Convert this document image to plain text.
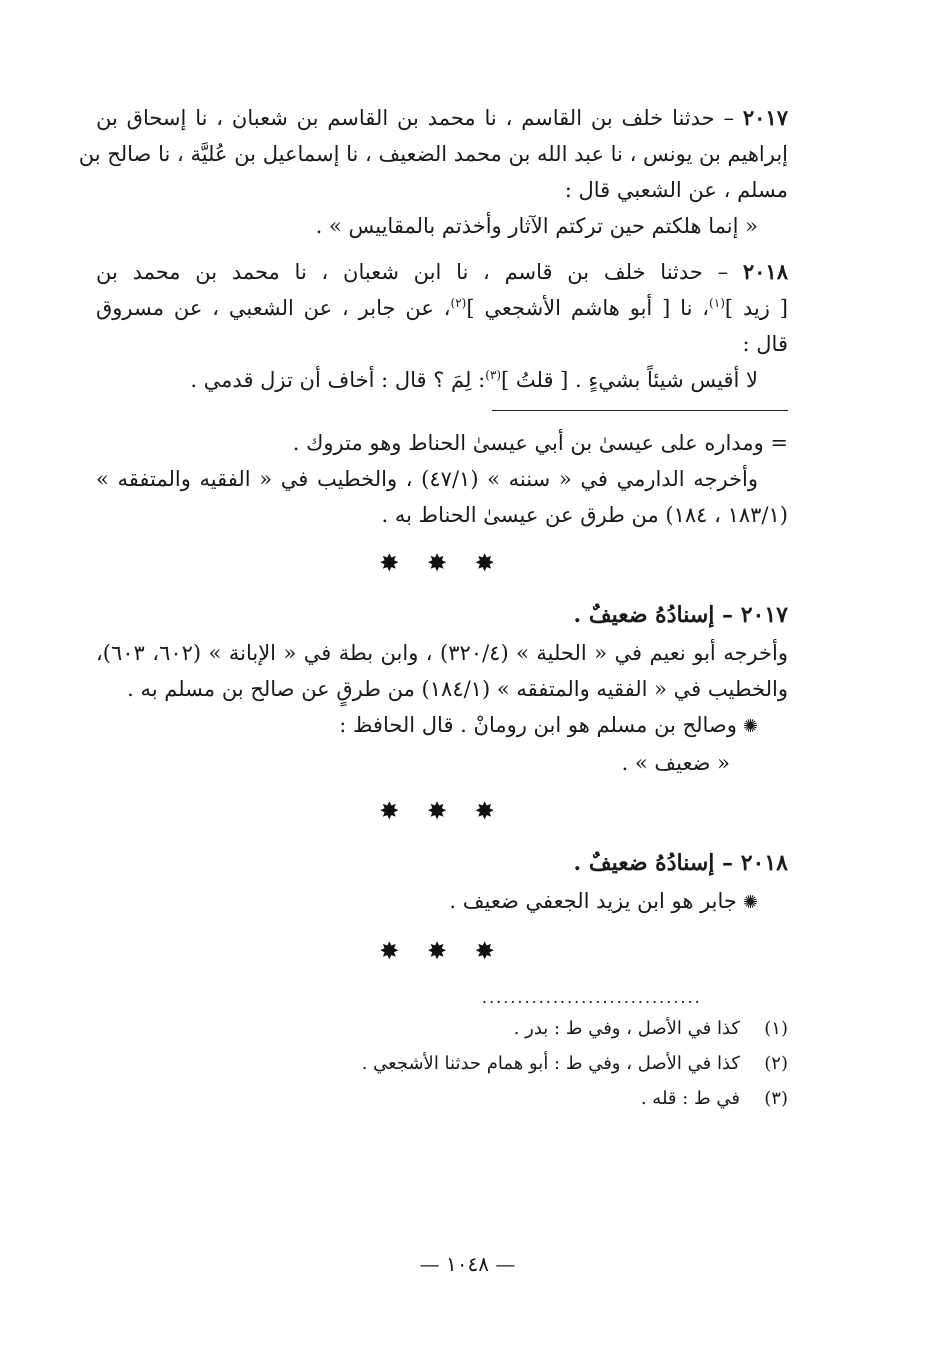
٢٠١٧ – حدثنا خلف بن القاسم ، نا محمد بن القاسم بن شعبان ، نا إسحاق بن
إبراهيم بن يونس ، نا عبد الله بن محمد الضعيف ، نا إسماعيل بن عُليَّة ، نا صالح بن
مسلم ، عن الشعبي قال :
« إنما هلكتم حين تركتم الآثار وأخذتم بالمقاييس » .
٢٠١٨ – حدثنا خلف بن قاسم ، نا ابن شعبان ، نا محمد بن محمد بن
[ زيد ]$^{(١)}$، نا [ أبو هاشم الأشجعي ]$^{(٢)}$، عن جابر ، عن الشعبي ، عن مسروق
قال :
لا أقيس شيئاً بشيءٍ . [ قلتُ ]$^{(٣)}$: لِمَ ؟ قال : أخاف أن تزل قدمي .
= ومداره على عيسىٰ بن أبي عيسىٰ الحناط وهو متروك .
وأخرجه الدارمي في « سننه » (٤٧/١) ، والخطيب في « الفقيه والمتفقه »
(١٨٣/١ ، ١٨٤) من طرق عن عيسىٰ الحناط به .
✸ ✸ ✸
٢٠١٧ – إسنادُهُ ضعيفٌ .
وأخرجه أبو نعيم في « الحلية » (٣٢٠/٤) ، وابن بطة في « الإبانة » (٦٠٢، ٦٠٣)،
والخطيب في « الفقيه والمتفقه » (١٨٤/١) من طرقٍ عن صالح بن مسلم به .
✺وصالح بن مسلم هو ابن رومانْ . قال الحافظ :
« ضعيف » .
✸ ✸ ✸
٢٠١٨ – إسنادُهُ ضعيفٌ .
✺جابر هو ابن يزيد الجعفي ضعيف .
✸ ✸ ✸
...............................
(١)كذا في الأصل ، وفي ط : بدر .
(٢)كذا في الأصل ، وفي ط : أبو همام حدثنا الأشجعي .
(٣)في ط : قله .
— ١٠٤٨ —
